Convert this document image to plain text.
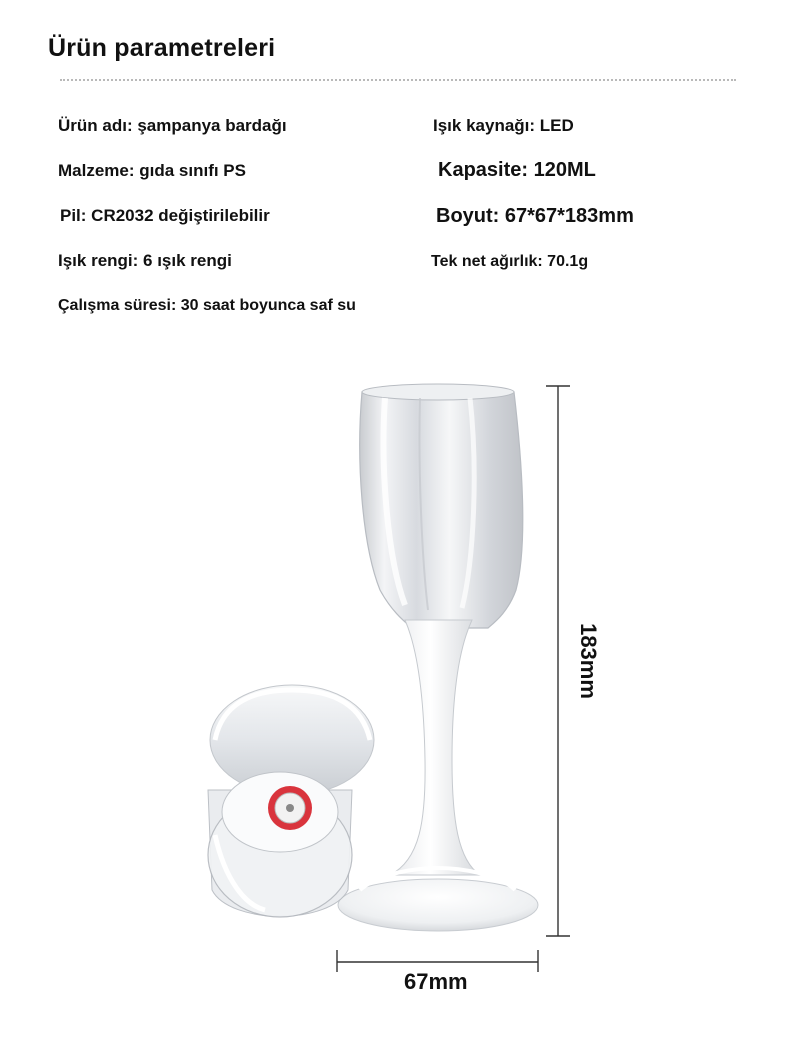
Ürün parametreleri
Ürün adı: şampanya bardağı	Işık kaynağı: LED
Malzeme: gıda sınıfı PS	Kapasite: 120ML
Pil: CR2032 değiştirilebilir	Boyut: 67*67*183mm
Işık rengi: 6 ışık rengi	Tek net ağırlık: 70.1g
Çalışma süresi: 30 saat boyunca saf su
183mm
67mm
